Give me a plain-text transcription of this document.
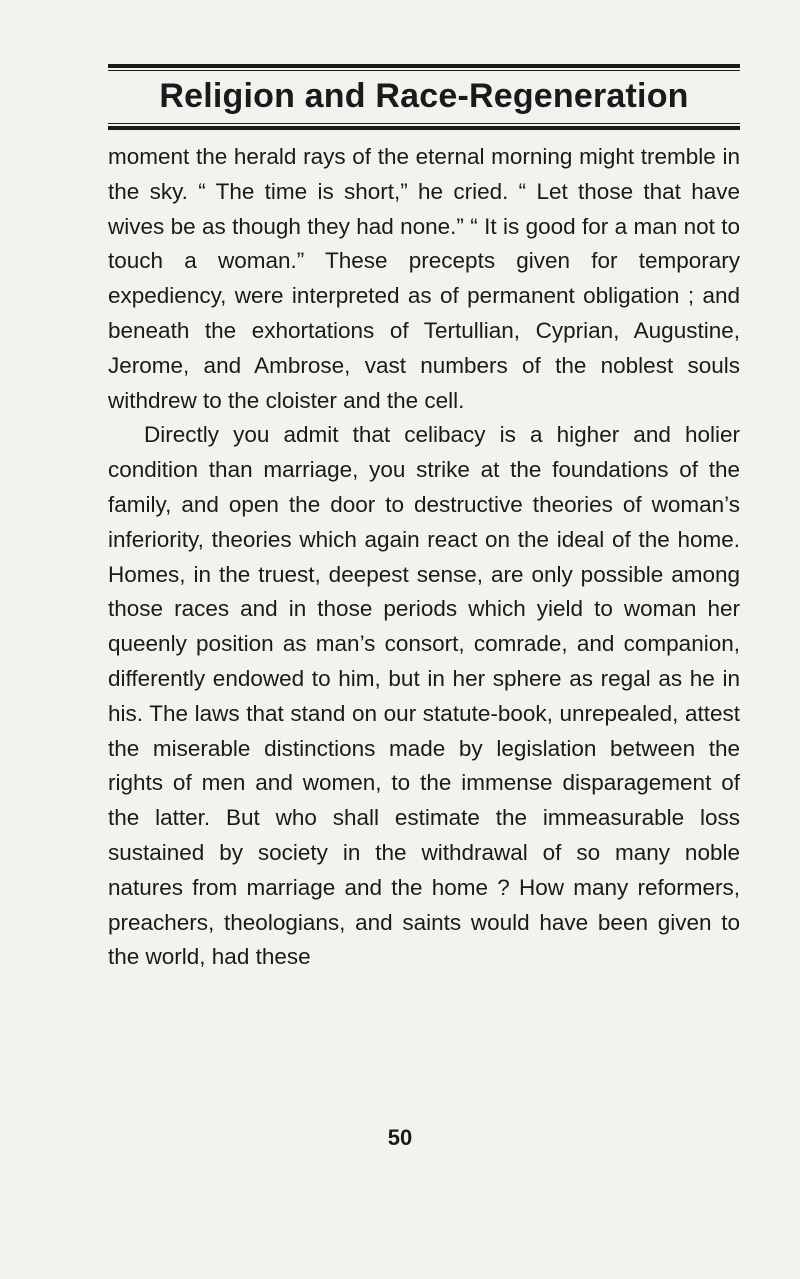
Religion and Race-Regeneration

moment the herald rays of the eternal morning might tremble in the sky. “ The time is short,” he cried. “ Let those that have wives be as though they had none.” “ It is good for a man not to touch a woman.” These precepts given for temporary expediency, were interpreted as of permanent obligation ; and beneath the exhortations of Tertullian, Cyprian, Augustine, Jerome, and Ambrose, vast numbers of the noblest souls withdrew to the cloister and the cell.

Directly you admit that celibacy is a higher and holier condition than marriage, you strike at the foundations of the family, and open the door to destructive theories of woman’s inferiority, theories which again react on the ideal of the home. Homes, in the truest, deepest sense, are only possible among those races and in those periods which yield to woman her queenly position as man’s consort, comrade, and companion, differently endowed to him, but in her sphere as regal as he in his. The laws that stand on our statute-book, unrepealed, attest the miserable distinctions made by legislation between the rights of men and women, to the immense disparagement of the latter. But who shall estimate the immeasurable loss sustained by society in the withdrawal of so many noble natures from marriage and the home ? How many reformers, preachers, theologians, and saints would have been given to the world, had these

50
